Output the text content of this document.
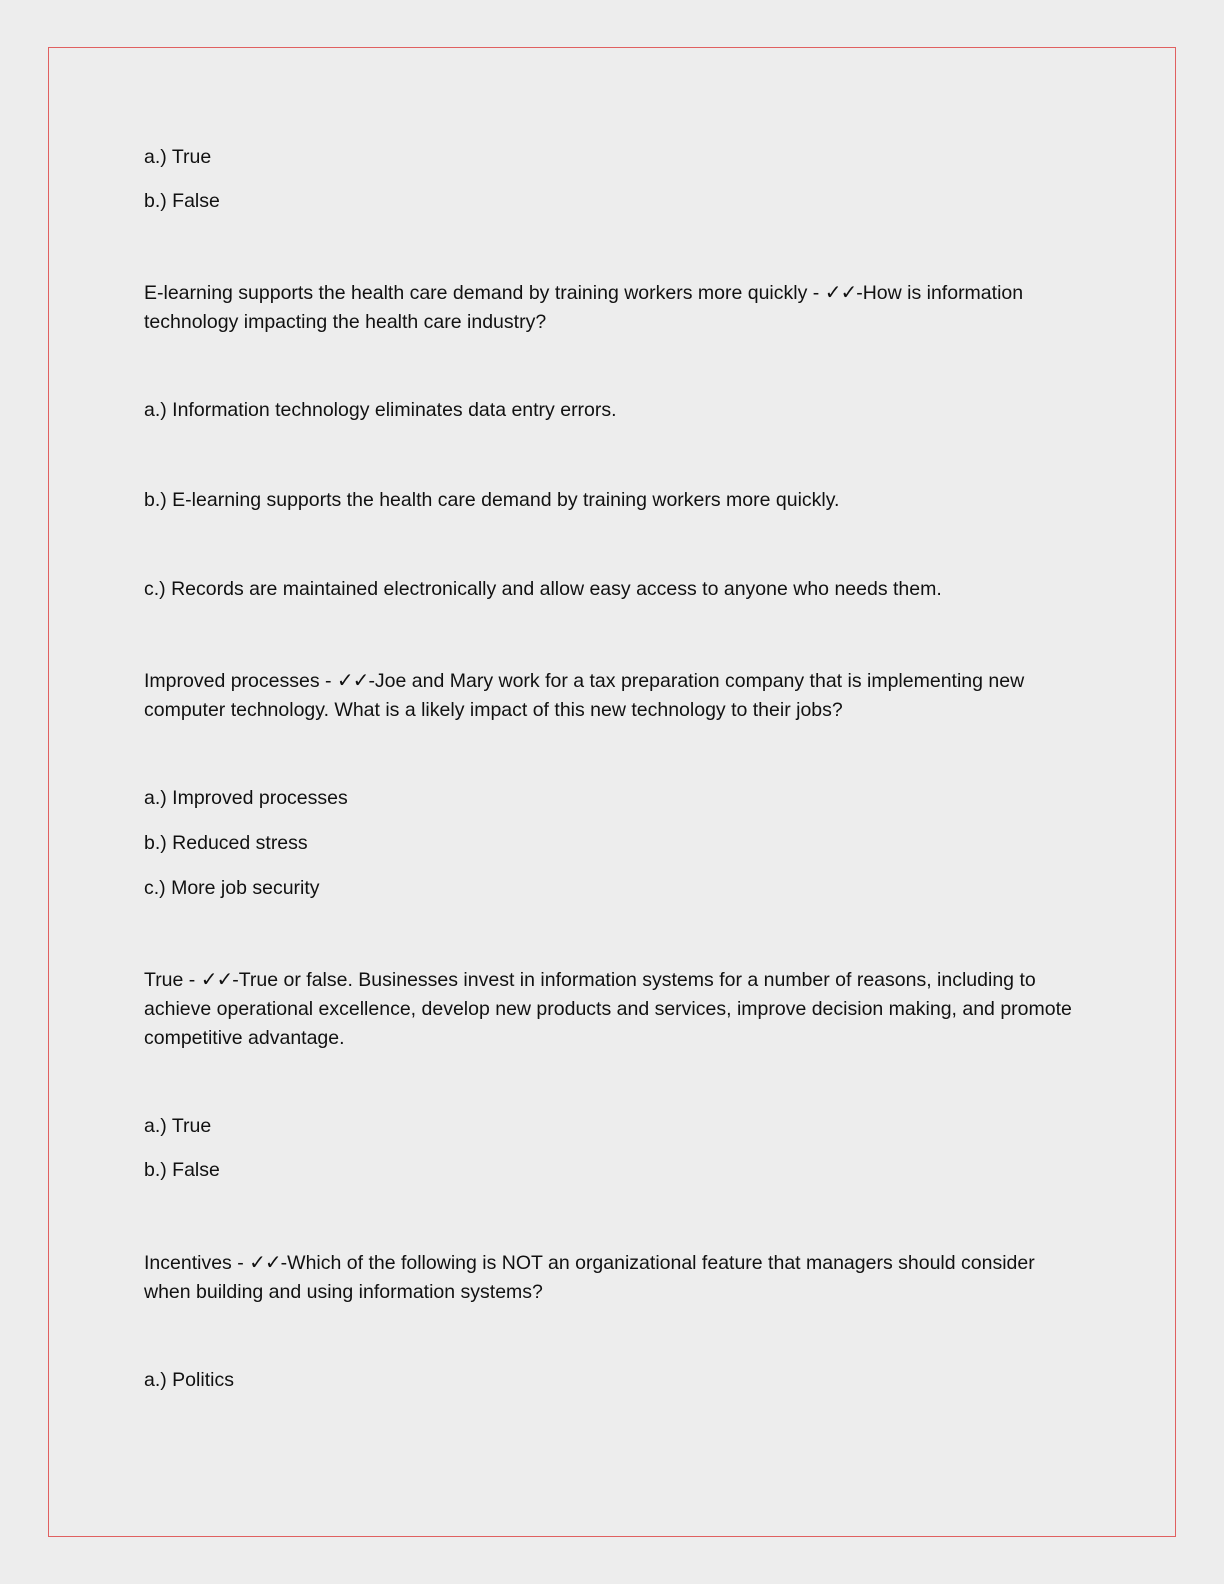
a.) True

b.) False

E-learning supports the health care demand by training workers more quickly - ✓✓-How is information technology impacting the health care industry?

a.) Information technology eliminates data entry errors.

b.) E-learning supports the health care demand by training workers more quickly.

c.) Records are maintained electronically and allow easy access to anyone who needs them.

Improved processes - ✓✓-Joe and Mary work for a tax preparation company that is implementing new computer technology. What is a likely impact of this new technology to their jobs?

a.) Improved processes

b.) Reduced stress

c.) More job security

True - ✓✓-True or false. Businesses invest in information systems for a number of reasons, including to achieve operational excellence, develop new products and services, improve decision making, and promote competitive advantage.

a.) True

b.) False

Incentives - ✓✓-Which of the following is NOT an organizational feature that managers should consider when building and using information systems?

a.) Politics
